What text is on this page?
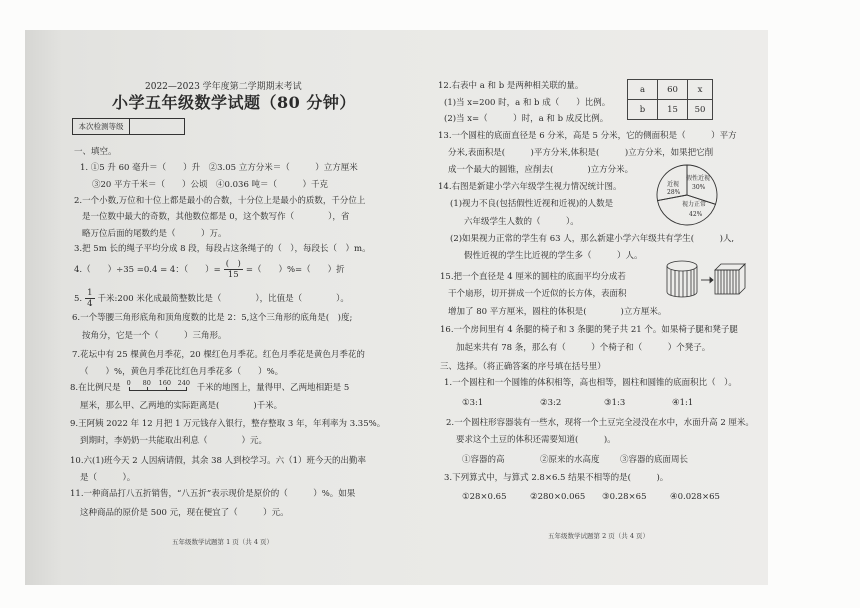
2022—2023 学年度第二学期期末考试
小学五年级数学试题（80 分钟）
本次检测等级
一、填空。
1. ①5 升 60 毫升＝（　　）升　②3.05 立方分米＝（　　　）立方厘米
③20 平方千米＝（　　）公顷　④0.036 吨＝（　　　）千克
2.一个小数,万位和十位上都是最小的合数，十分位上是最小的质数，千分位上
是一位数中最大的奇数，其他数位都是 0，这个数写作（　　　　），省
略万位后面的尾数约是（　　　）万。
3.把 5m 长的绳子平均分成 8 段，每段占这条绳子的（　），每段长（　）m。
4.（　　）÷35 =0.4 = 4：（　　）= $\frac{( )}{15}$ =（　　）%=（　　）折
5. $\frac{1}{4}$ 千米:200 米化成最简整数比是（　　　　），比值是（　　　　）。
6.一个等腰三角形底角和顶角度数的比是 2：5,这个三角形的底角是(　)度;
按角分，它是一个（　　　）三角形。
7.花坛中有 25 棵黄色月季花，20 棵红色月季花。红色月季花是黄色月季花的
（　　）%，黄色月季花比红色月季花多（　　）%。
8.在比例尺是 0 80 160 240 千米的地图上，量得甲、乙两地相距是 5
厘米，那么甲、乙两地的实际距离是(　　　　)千米。
9.王阿姨 2022 年 12 月把 1 万元钱存入银行，整存整取 3 年，年利率为 3.35%。
到期时，李奶奶一共能取出利息（　　　　）元。
10.六(1)班今天 2 人因病请假，其余 38 人到校学习。六（1）班今天的出勤率
是（　　　）。
11.一种商品打八五折销售，“八五折”表示现价是原价的（　　　）%。如果
这种商品的原价是 500 元，现在便宜了（　　　）元。
五年级数学试题第 1 页（共 4 页）
12.右表中 a 和 b 是两种相关联的量。
(1)当 x=200 时，a 和 b 成（　　）比例。
(2)当 x=（　　　）时，a 和 b 成反比例。
a	60	x
b	15	50
13.一个圆柱的底面直径是 6 分米，高是 5 分米，它的侧面积是（　　　）平方
分米,表面积是(　　　)平方分米,体积是(　　　)立方分米，如果把它削
成一个最大的圆锥，应削去(　　　　)立方分米。
14.右图是新建小学六年级学生视力情况统计图。
(1)视力不良(包括假性近视和近视)的人数是
六年级学生人数的（　　　）。
(2)如果视力正常的学生有 63 人，那么新建小学六年级共有学生(　　　)人,
假性近视的学生比近视的学生多（　　　）人。
假性近视
30%
视力正常
42%
近视
28%
15.把一个直径是 4 厘米的圆柱的底面平均分成若
干个扇形，切开拼成一个近似的长方体，表面积
增加了 80 平方厘米，圆柱的体积是(　　　　)立方厘米。
16.一个房间里有 4 条腿的椅子和 3 条腿的凳子共 21 个。如果椅子腿和凳子腿
加起来共有 78 条，那么有（　　　）个椅子和（　　　）个凳子。
三、选择。（将正确答案的序号填在括号里）
1.一个圆柱和一个圆锥的体积相等，高也相等，圆柱和圆锥的底面积比（　）。
①3:1	②3:2	③1:3	④1:1
2.一个圆柱形容器装有一些水，现将一个土豆完全浸没在水中，水面升高 2 厘米。
要求这个土豆的体积还需要知道(　　　)。
①容器的高	②原来的水高度 ③容器的底面周长
3.下列算式中，与算式 2.8×6.5 结果不相等的是(　　　)。
①28×0.65	②280×0.065 ③0.28×65	④0.028×65
五年级数学试题第 2 页（共 4 页）
